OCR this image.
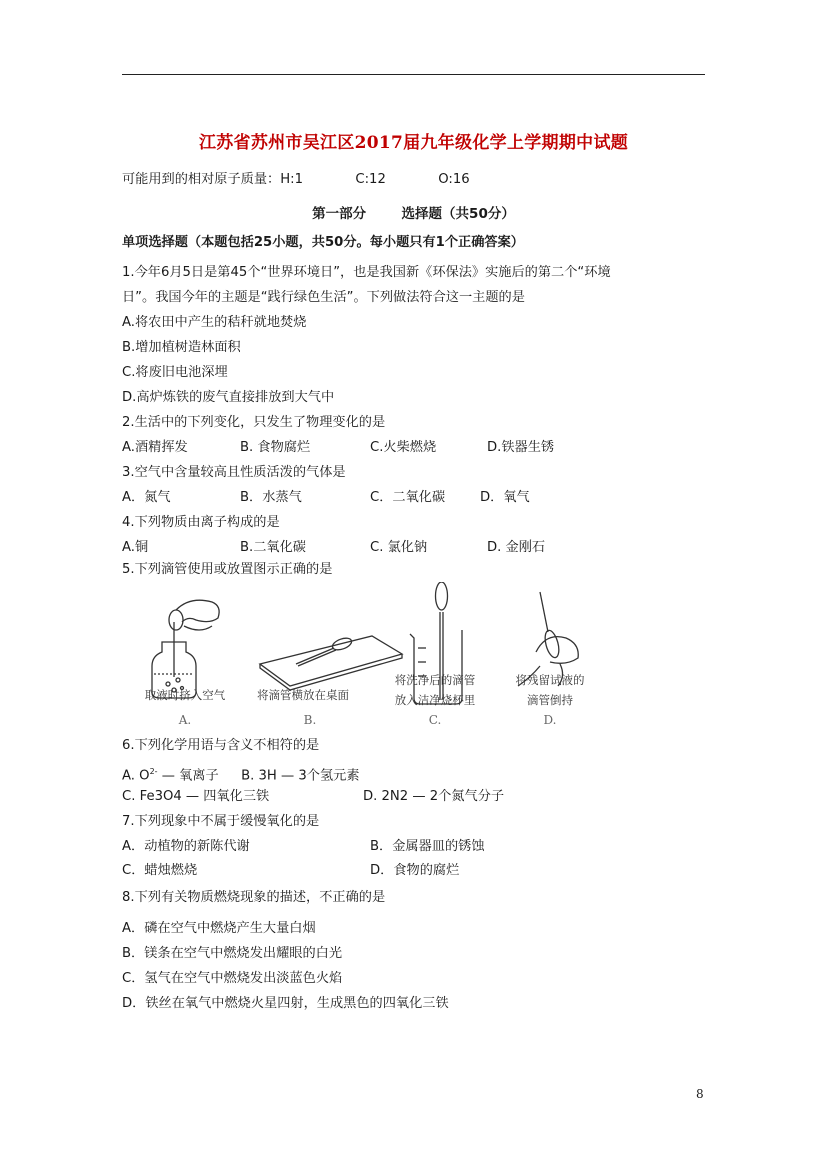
江苏省苏州市吴江区2017届九年级化学上学期期中试题
可能用到的相对原子质量：H:1	C:12	O:16
第一部分	选择题（共50分）
单项选择题（本题包括25小题，共50分。每小题只有1个正确答案）
1.今年6月5日是第45个“世界环境日”，也是我国新《环保法》实施后的第二个“环境
日”。我国今年的主题是“践行绿色生活”。下列做法符合这一主题的是
A.将农田中产生的秸秆就地焚烧
B.增加植树造林面积
C.将废旧电池深埋
D.高炉炼铁的废气直接排放到大气中
2.生活中的下列变化，只发生了物理变化的是
A.酒精挥发	B. 食物腐烂	C.火柴燃烧	D.铁器生锈
3.空气中含量较高且性质活泼的气体是
A．氮气	B．水蒸气	C．二氧化碳	D．氧气
4.下列物质由离子构成的是
A.铜	B.二氧化碳	C. 氯化钠	D. 金刚石
5.下列滴管使用或放置图示正确的是
取液时挤入空气	将滴管横放在桌面
将洗净后的滴管
放入洁净烧杯里
将残留试液的
滴管倒持
A.	B.	C.	D.
6.下列化学用语与含义不相符的是
A. $O^{2-}$ — 氧离子 B. 3H — 3个氢元素
C. Fe3O4 — 四氧化三铁	D. 2N2 — 2个氮气分子
7.下列现象中不属于缓慢氧化的是
A．动植物的新陈代谢	B．金属器皿的锈蚀
C．蜡烛燃烧	D．食物的腐烂
8.下列有关物质燃烧现象的描述，不正确的是
A．磷在空气中燃烧产生大量白烟
B．镁条在空气中燃烧发出耀眼的白光
C．氢气在空气中燃烧发出淡蓝色火焰
D．铁丝在氧气中燃烧火星四射，生成黑色的四氧化三铁
8
